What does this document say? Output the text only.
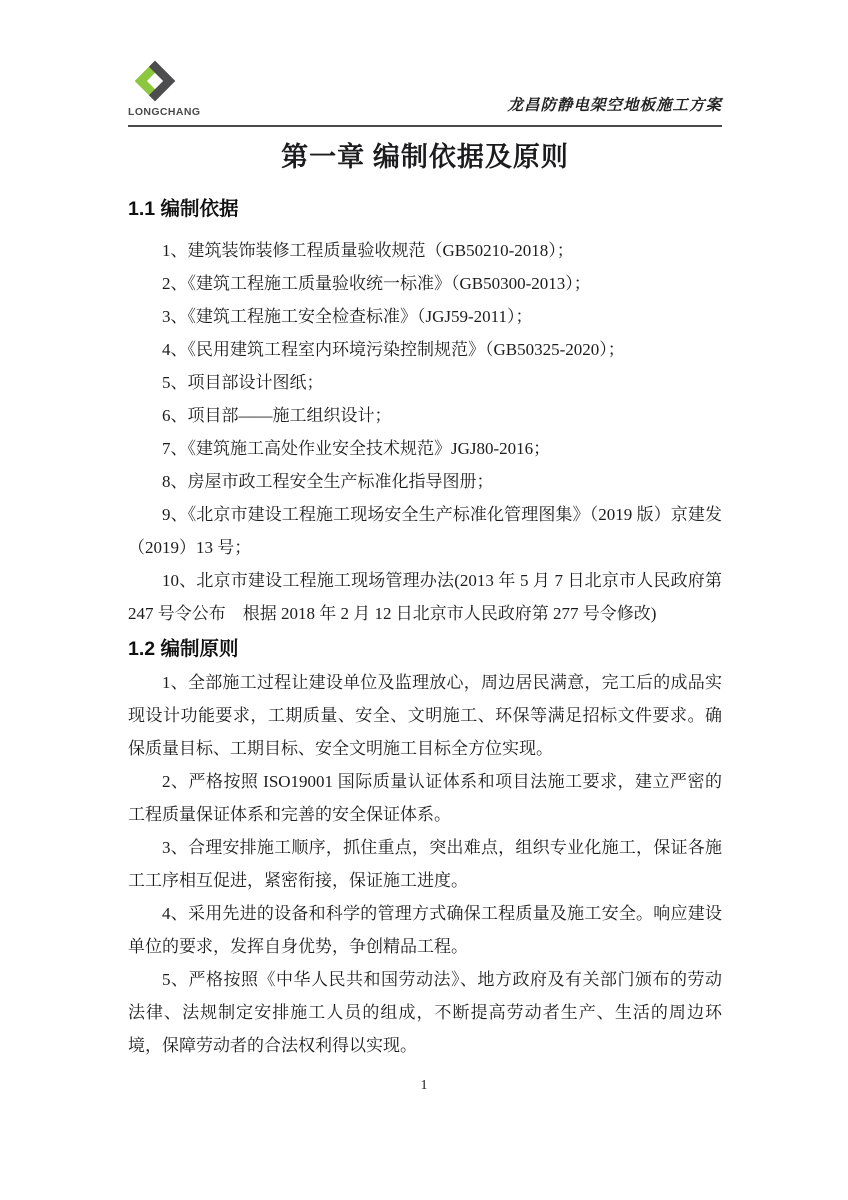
LONGCHANG	龙昌防静电架空地板施工方案
第一章 编制依据及原则
1.1 编制依据

1、建筑装饰装修工程质量验收规范（GB50210-2018）；

2、《建筑工程施工质量验收统一标准》（GB50300-2013）；

3、《建筑工程施工安全检查标准》（JGJ59-2011）；

4、《民用建筑工程室内环境污染控制规范》（GB50325-2020）；

5、项目部设计图纸；

6、项目部——施工组织设计；

7、《建筑施工高处作业安全技术规范》JGJ80-2016；

8、房屋市政工程安全生产标准化指导图册；

9、《北京市建设工程施工现场安全生产标准化管理图集》（2019 版）京建发（2019）13 号；

10、北京市建设工程施工现场管理办法(2013 年 5 月 7 日北京市人民政府第 247 号令公布　根据 2018 年 2 月 12 日北京市人民政府第 277 号令修改)

1.2 编制原则

1、全部施工过程让建设单位及监理放心，周边居民满意，完工后的成品实现设计功能要求，工期质量、安全、文明施工、环保等满足招标文件要求。确保质量目标、工期目标、安全文明施工目标全方位实现。

2、严格按照 ISO19001 国际质量认证体系和项目法施工要求，建立严密的工程质量保证体系和完善的安全保证体系。

3、合理安排施工顺序，抓住重点，突出难点，组织专业化施工，保证各施工工序相互促进，紧密衔接，保证施工进度。

4、采用先进的设备和科学的管理方式确保工程质量及施工安全。响应建设单位的要求，发挥自身优势，争创精品工程。

5、严格按照《中华人民共和国劳动法》、地方政府及有关部门颁布的劳动法律、法规制定安排施工人员的组成，不断提高劳动者生产、生活的周边环境，保障劳动者的合法权利得以实现。

1
